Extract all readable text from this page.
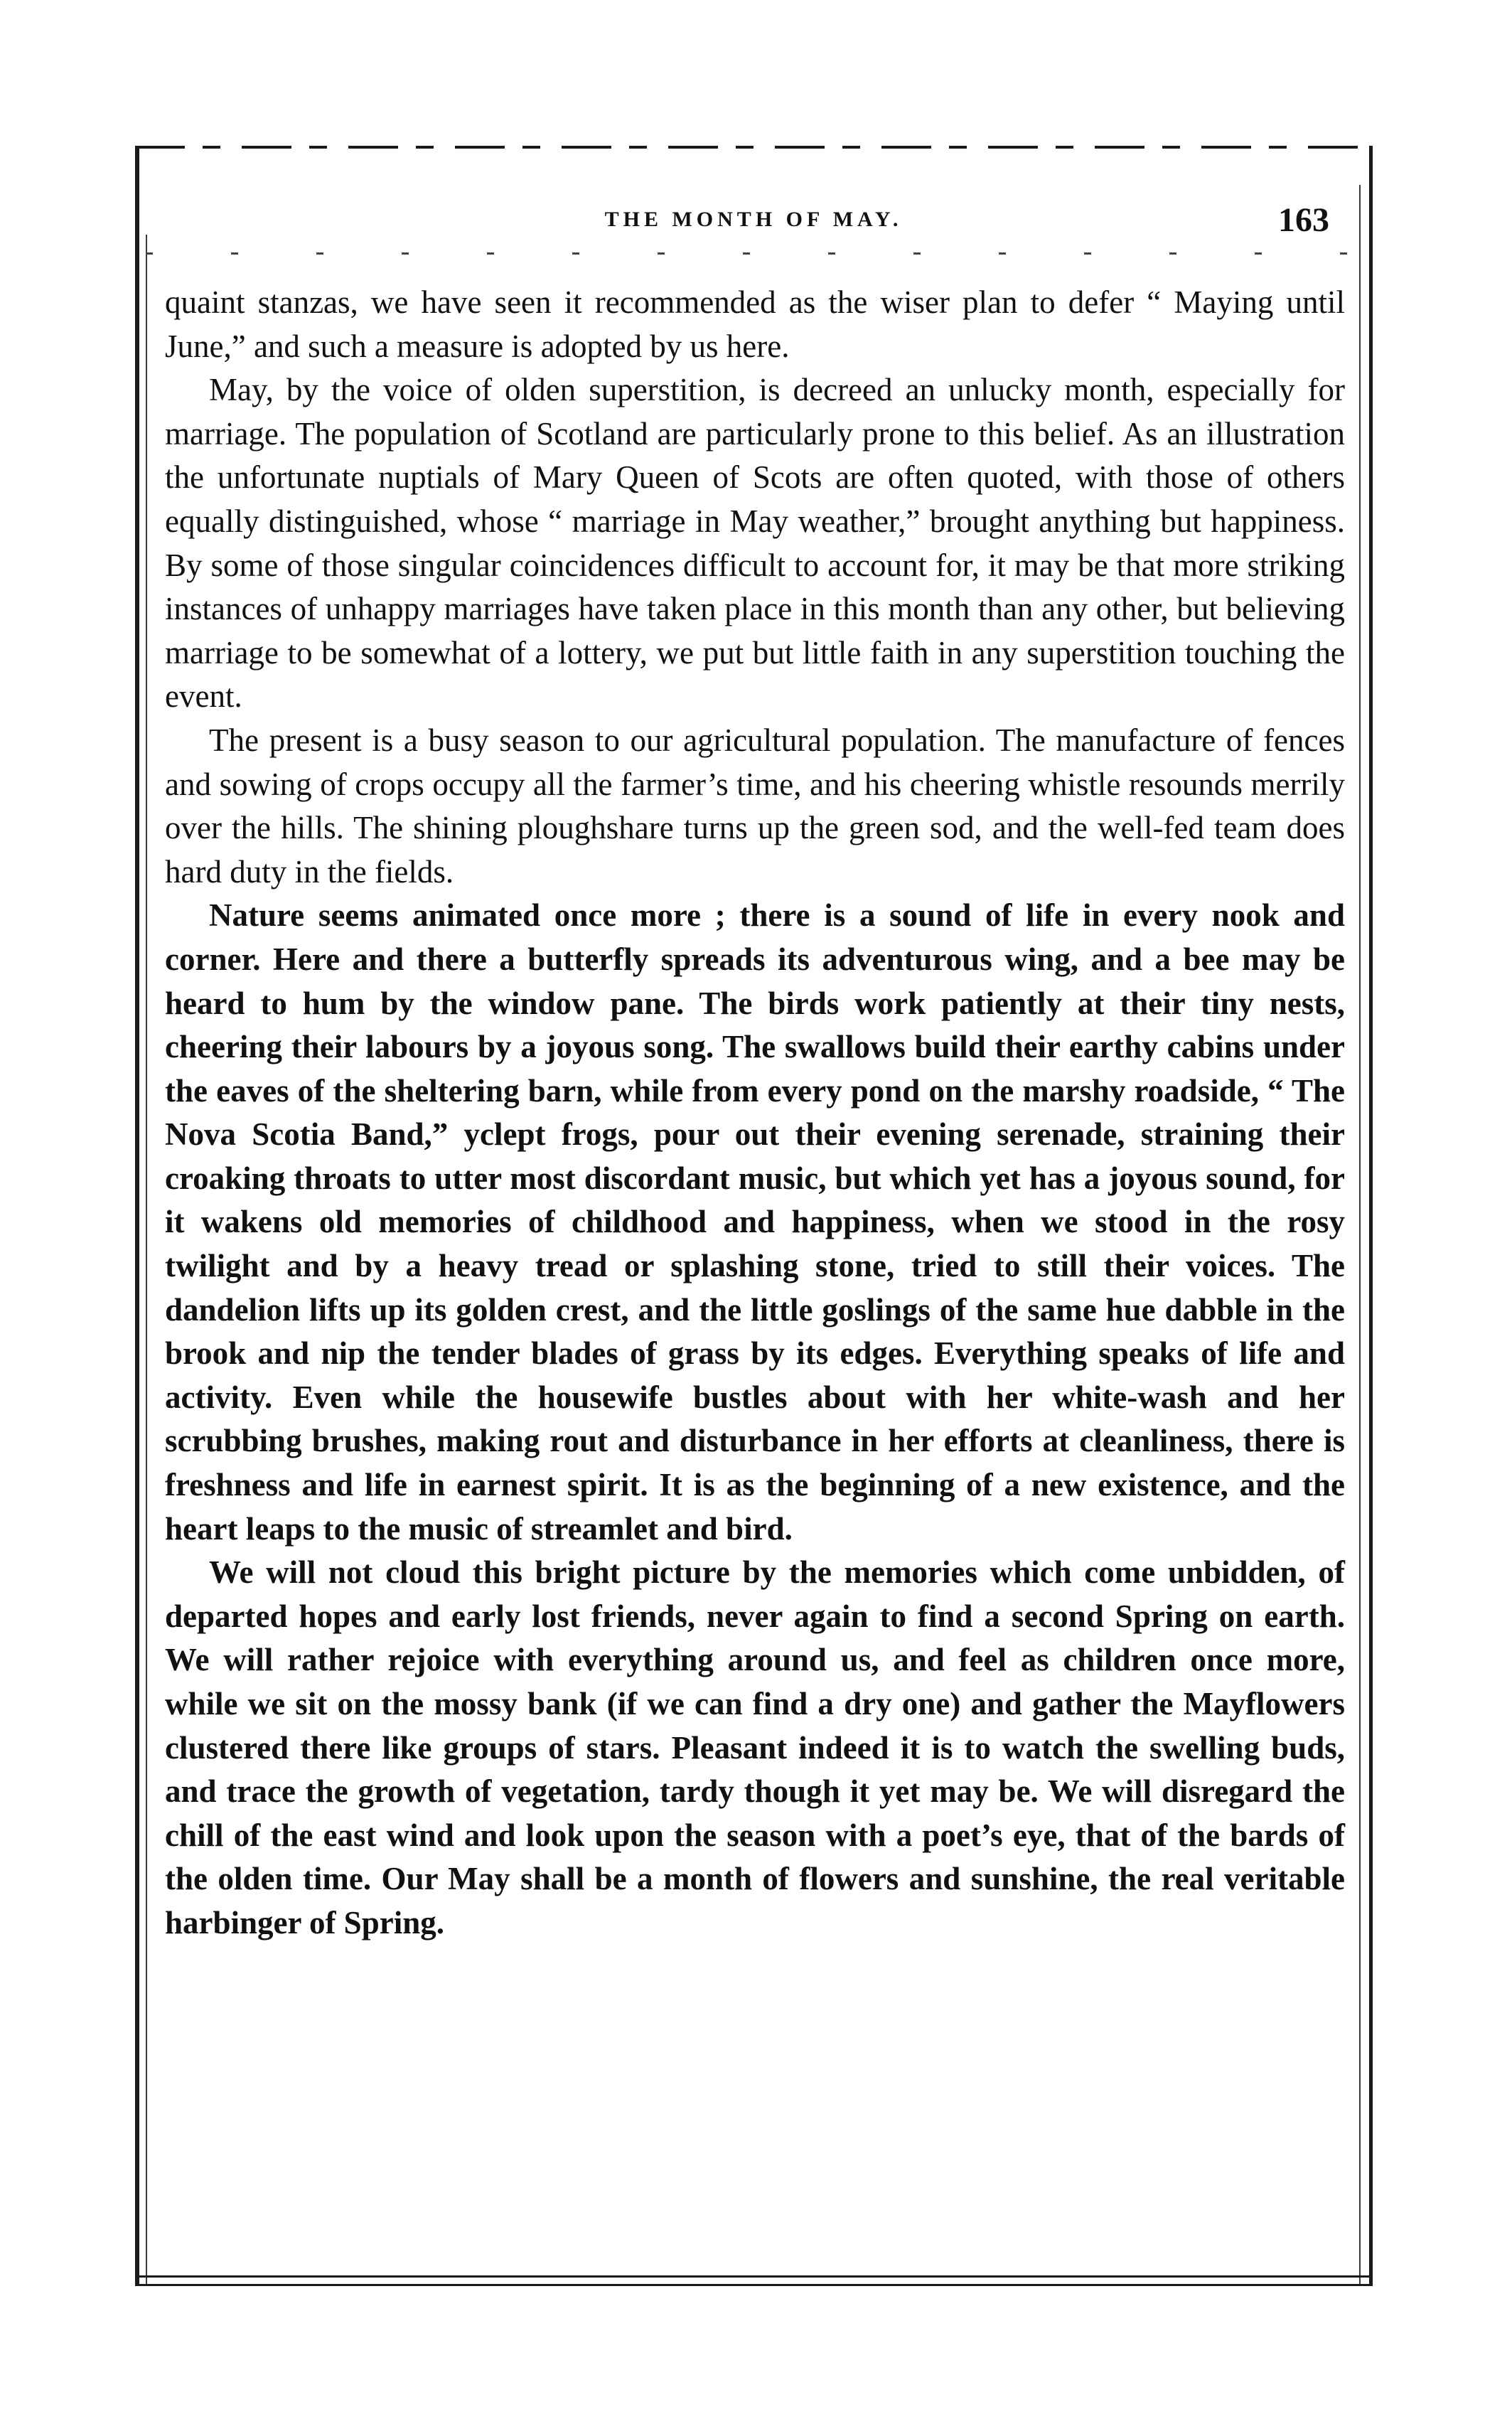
THE MONTH OF MAY.	163

quaint stanzas, we have seen it recommended as the wiser plan to defer “ Maying until June,” and such a measure is adopted by us here.

May, by the voice of olden superstition, is decreed an unlucky month, especially for marriage. The population of Scotland are particularly prone to this belief. As an illustration the unfortunate nuptials of Mary Queen of Scots are often quoted, with those of others equally distinguished, whose “ marriage in May weather,” brought anything but happiness. By some of those singular coincidences difficult to account for, it may be that more striking instances of unhappy marriages have taken place in this month than any other, but believing marriage to be somewhat of a lottery, we put but little faith in any superstition touching the event.

The present is a busy season to our agricultural population. The manufacture of fences and sowing of crops occupy all the farmer’s time, and his cheering whistle resounds merrily over the hills. The shining ploughshare turns up the green sod, and the well-fed team does hard duty in the fields.

Nature seems animated once more ; there is a sound of life in every nook and corner. Here and there a butterfly spreads its adventurous wing, and a bee may be heard to hum by the window pane. The birds work patiently at their tiny nests, cheering their labours by a joyous song. The swallows build their earthy cabins under the eaves of the sheltering barn, while from every pond on the marshy roadside, “ The Nova Scotia Band,” yclept frogs, pour out their evening serenade, straining their croaking throats to utter most discordant music, but which yet has a joyous sound, for it wakens old memories of childhood and happiness, when we stood in the rosy twilight and by a heavy tread or splashing stone, tried to still their voices. The dandelion lifts up its golden crest, and the little goslings of the same hue dabble in the brook and nip the tender blades of grass by its edges. Everything speaks of life and activity. Even while the housewife bustles about with her white-wash and her scrubbing brushes, making rout and disturbance in her efforts at cleanliness, there is freshness and life in earnest spirit. It is as the beginning of a new existence, and the heart leaps to the music of streamlet and bird.

We will not cloud this bright picture by the memories which come unbidden, of departed hopes and early lost friends, never again to find a second Spring on earth. We will rather rejoice with everything around us, and feel as children once more, while we sit on the mossy bank (if we can find a dry one) and gather the Mayflowers clustered there like groups of stars. Pleasant indeed it is to watch the swelling buds, and trace the growth of vegetation, tardy though it yet may be. We will disregard the chill of the east wind and look upon the season with a poet’s eye, that of the bards of the olden time. Our May shall be a month of flowers and sunshine, the real veritable harbinger of Spring.
